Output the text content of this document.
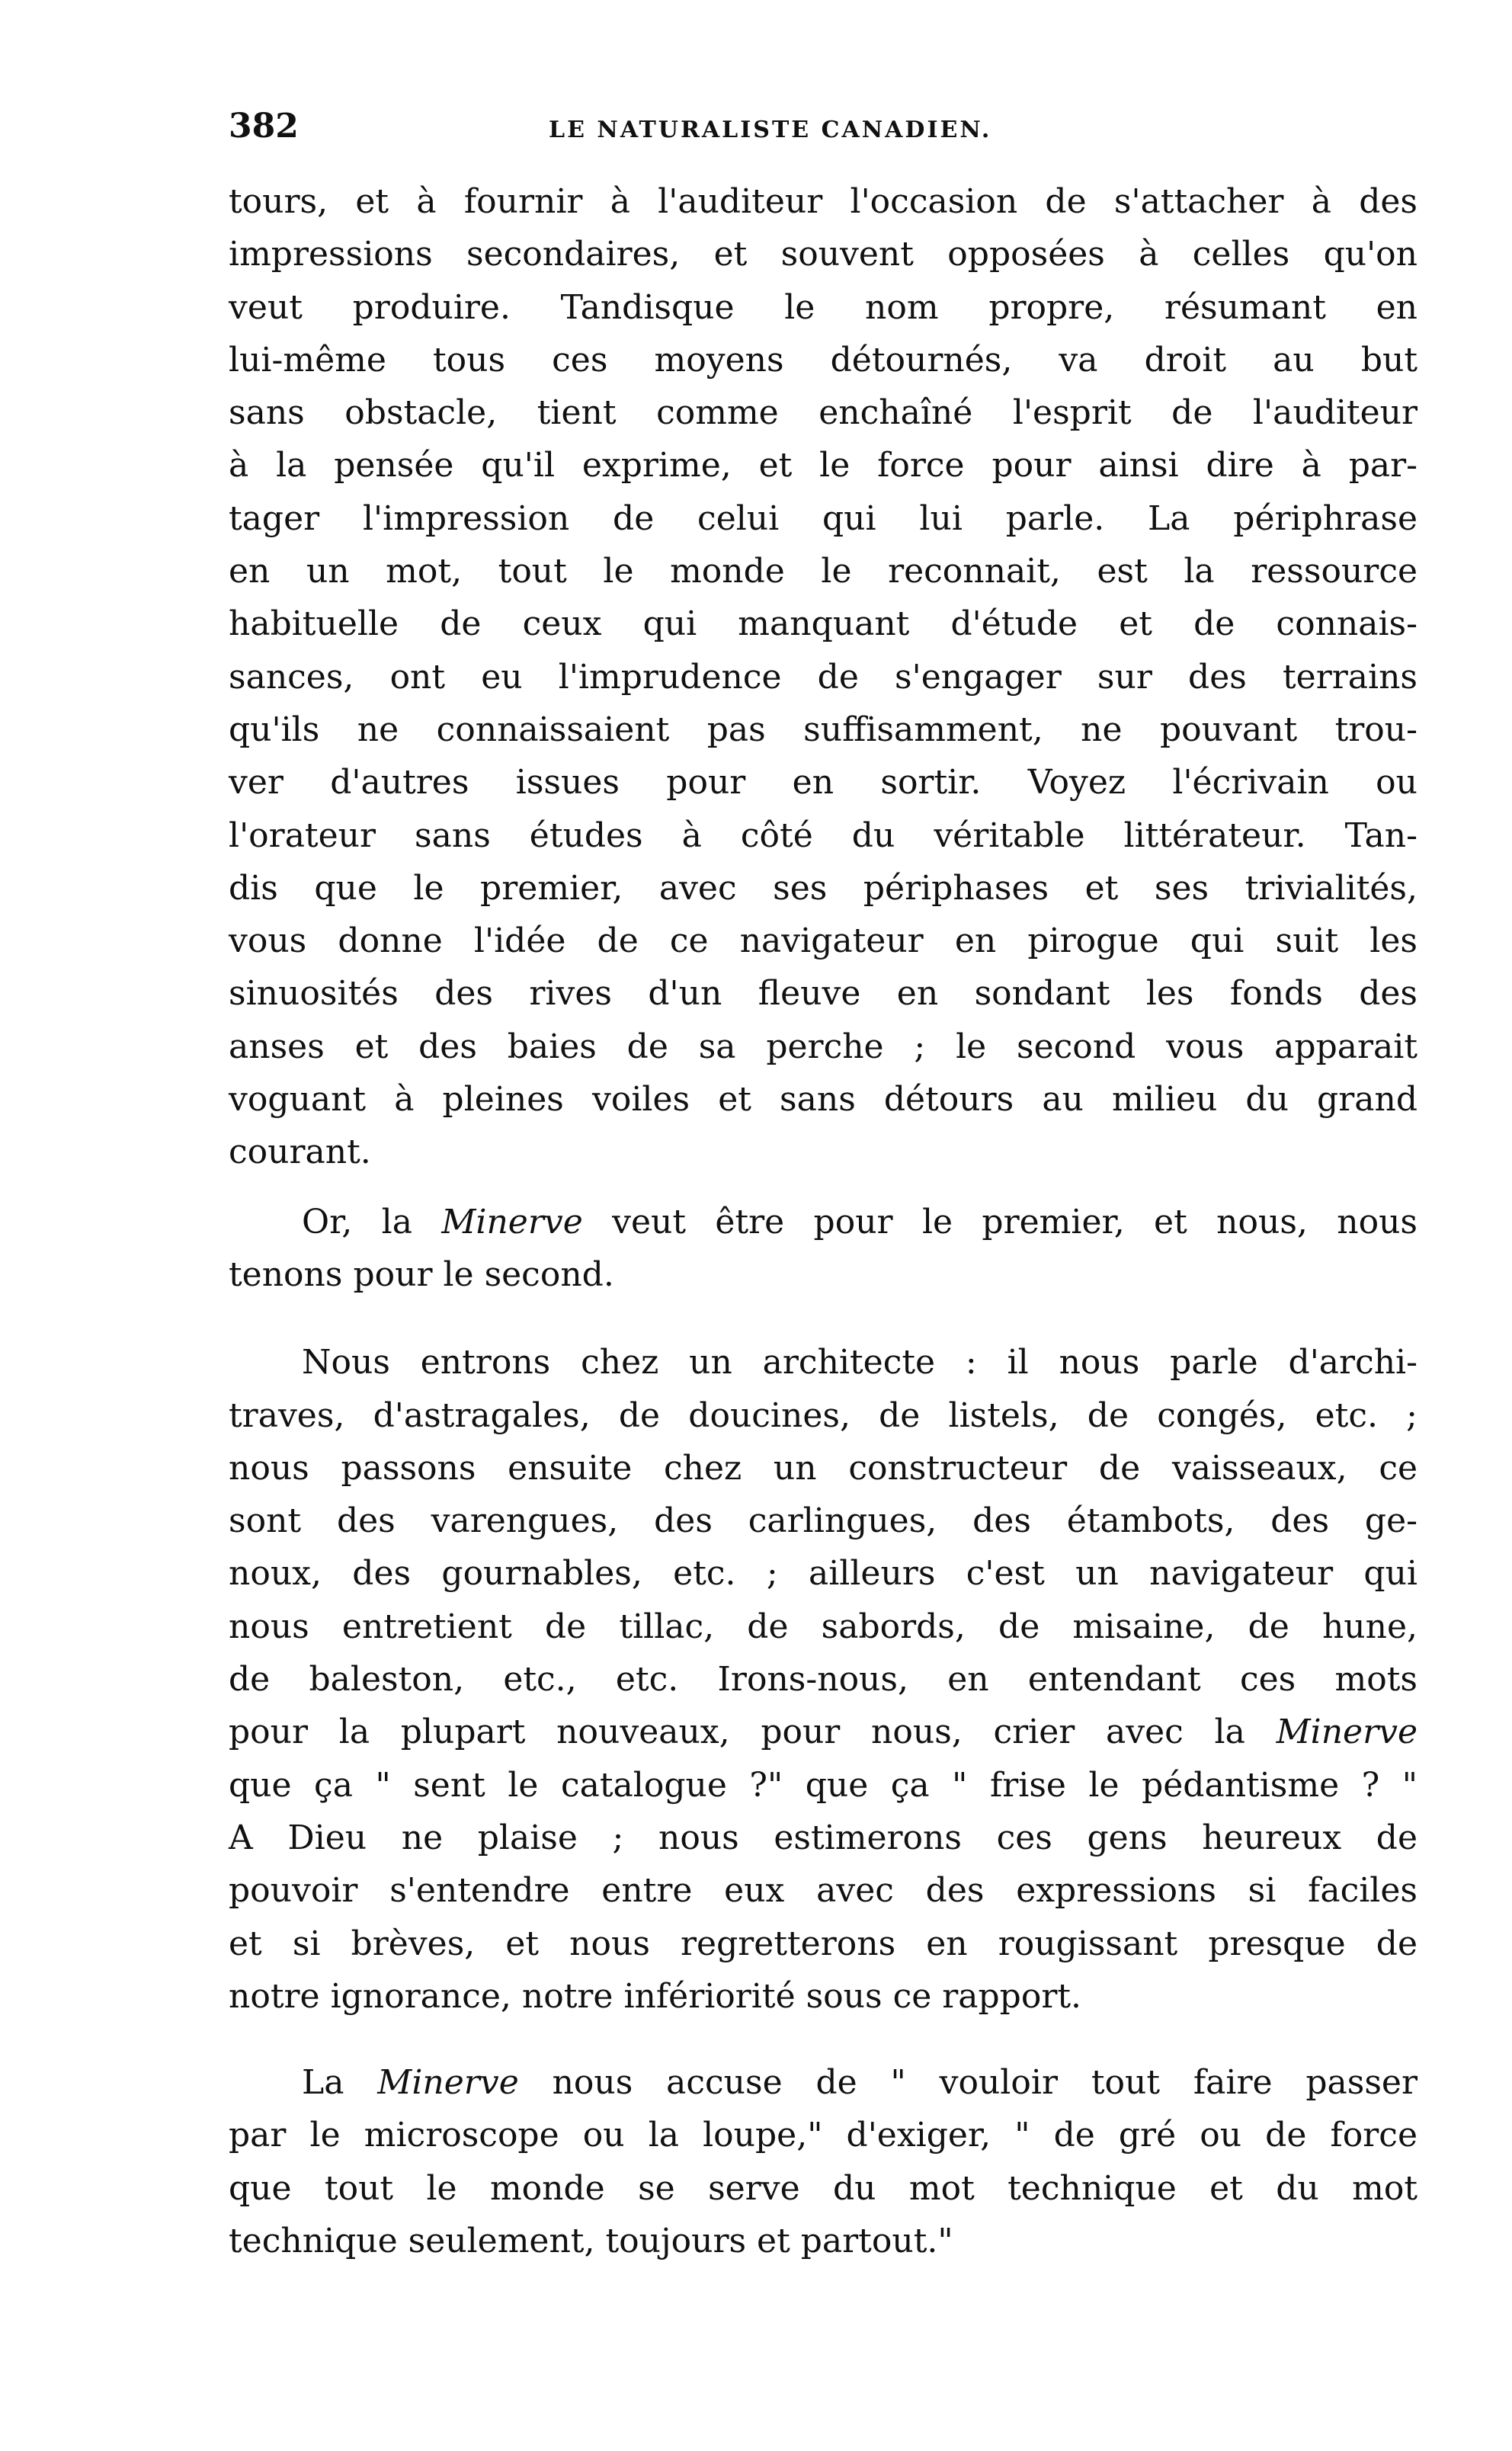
382	LE NATURALISTE CANADIEN.
tours, et à fournir à l'auditeur l'occasion de s'attacher à des
impressions secondaires, et souvent opposées à celles qu'on
veut produire. Tandisque le nom propre, résumant en
lui-même tous ces moyens détournés, va droit au but
sans obstacle, tient comme enchaîné l'esprit de l'auditeur
à la pensée qu'il exprime, et le force pour ainsi dire à par-
tager l'impression de celui qui lui parle. La périphrase
en un mot, tout le monde le reconnait, est la ressource
habituelle de ceux qui manquant d'étude et de connais-
sances, ont eu l'imprudence de s'engager sur des terrains
qu'ils ne connaissaient pas suffisamment, ne pouvant trou-
ver d'autres issues pour en sortir. Voyez l'écrivain ou
l'orateur sans études à côté du véritable littérateur. Tan-
dis que le premier, avec ses périphases et ses trivialités,
vous donne l'idée de ce navigateur en pirogue qui suit les
sinuosités des rives d'un fleuve en sondant les fonds des
anses et des baies de sa perche ; le second vous apparait
voguant à pleines voiles et sans détours au milieu du grand
courant.
Or, la Minerve veut être pour le premier, et nous, nous
tenons pour le second.
Nous entrons chez un architecte : il nous parle d'archi-
traves, d'astragales, de doucines, de listels, de congés, etc. ;
nous passons ensuite chez un constructeur de vaisseaux, ce
sont des varengues, des carlingues, des étambots, des ge-
noux, des gournables, etc. ; ailleurs c'est un navigateur qui
nous entretient de tillac, de sabords, de misaine, de hune,
de baleston, etc., etc. Irons-nous, en entendant ces mots
pour la plupart nouveaux, pour nous, crier avec la Minerve
que ça " sent le catalogue ?" que ça " frise le pédantisme ? "
A Dieu ne plaise ; nous estimerons ces gens heureux de
pouvoir s'entendre entre eux avec des expressions si faciles
et si brèves, et nous regretterons en rougissant presque de
notre ignorance, notre infériorité sous ce rapport.
La Minerve nous accuse de " vouloir tout faire passer
par le microscope ou la loupe," d'exiger, " de gré ou de force
que tout le monde se serve du mot technique et du mot
technique seulement, toujours et partout."
